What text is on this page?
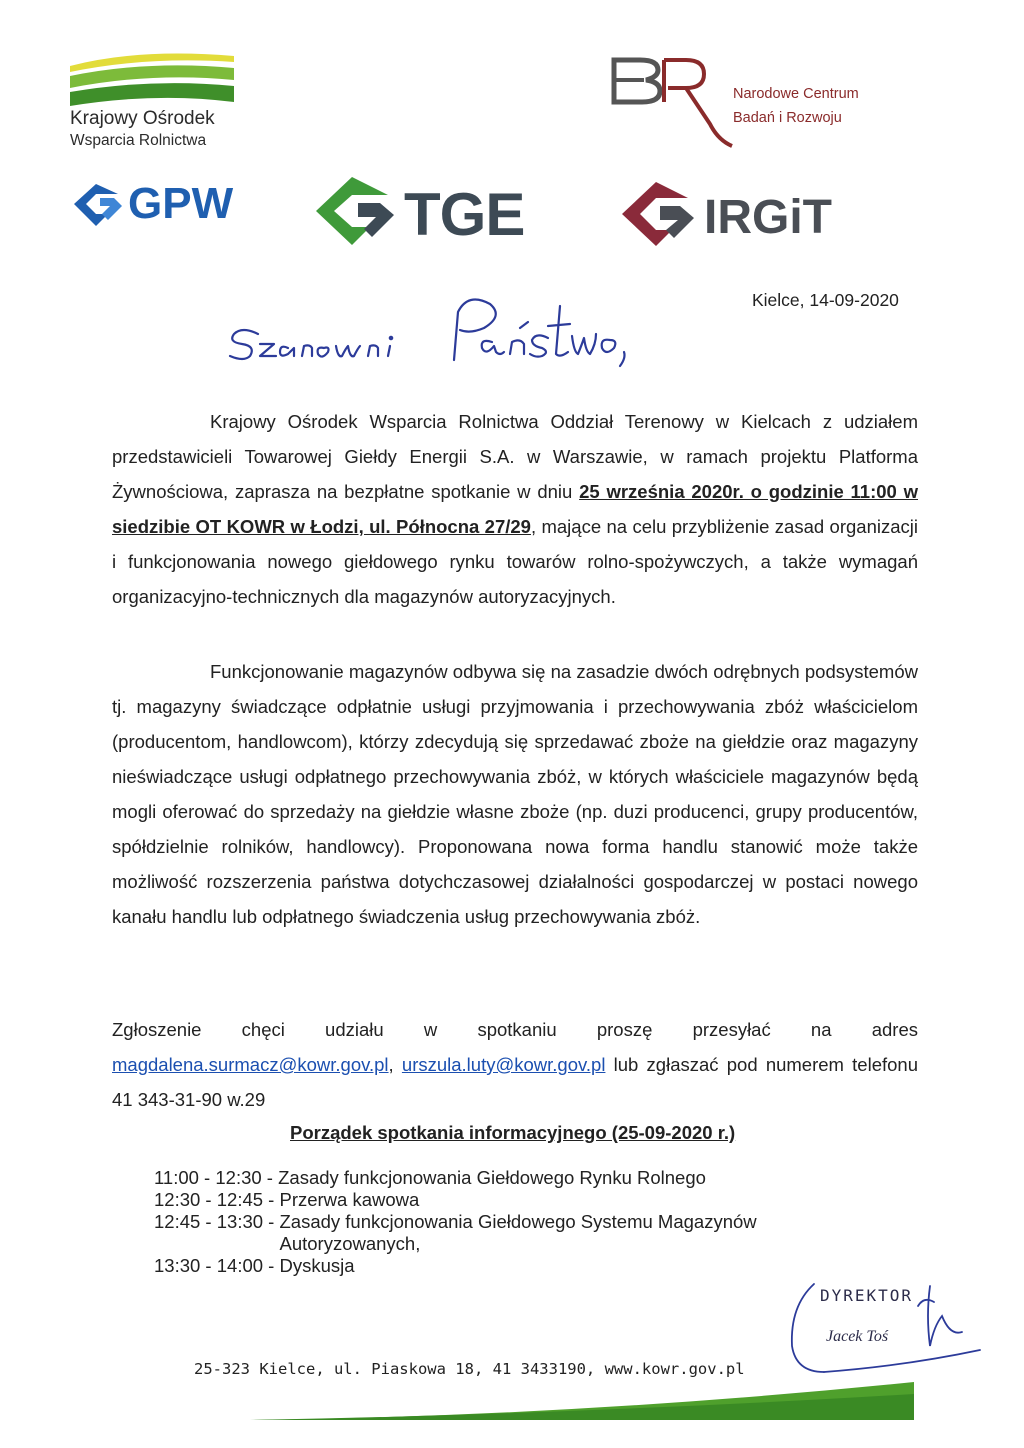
Krajowy Ośrodek
Wsparcia Rolnictwa
Narodowe Centrum
Badań i Rozwoju
GPW	TGE	IRGiT
Kielce, 14-09-2020
Krajowy Ośrodek Wsparcia Rolnictwa Oddział Terenowy w Kielcach z udziałem przedstawicieli Towarowej Giełdy Energii S.A. w Warszawie, w ramach projektu Platforma Żywnościowa, zaprasza na bezpłatne spotkanie w dniu 25 września 2020r. o godzinie 11:00 w siedzibie OT KOWR w Łodzi, ul. Północna 27/29, mające na celu przybliżenie zasad organizacji i funkcjonowania nowego giełdowego rynku towarów rolno-spożywczych, a także wymagań organizacyjno-technicznych dla magazynów autoryzacyjnych.
Funkcjonowanie magazynów odbywa się na zasadzie dwóch odrębnych podsystemów tj. magazyny świadczące odpłatnie usługi przyjmowania i przechowywania zbóż właścicielom (producentom, handlowcom), którzy zdecydują się sprzedawać zboże na giełdzie oraz magazyny nieświadczące usługi odpłatnego przechowywania zbóż, w których właściciele magazynów będą mogli oferować do sprzedaży na giełdzie własne zboże (np. duzi producenci, grupy producentów, spółdzielnie rolników, handlowcy). Proponowana nowa forma handlu stanowić może także możliwość rozszerzenia państwa dotychczasowej działalności gospodarczej w postaci nowego kanału handlu lub odpłatnego świadczenia usług przechowywania zbóż.
Zgłoszenie chęci udziału w spotkaniu proszę przesyłać na adres magdalena.surmacz@kowr.gov.pl, urszula.luty@kowr.gov.pl lub zgłaszać pod numerem telefonu 41 343-31-90 w.29
Porządek spotkania informacyjnego (25-09-2020 r.)
11:00 - 12:30 - Zasady funkcjonowania Giełdowego Rynku Rolnego
12:30 - 12:45 - Przerwa kawowa
12:45 - 13:30 - Zasady funkcjonowania Giełdowego Systemu Magazynów Autoryzowanych,
13:30 - 14:00 - Dyskusja
DYREKTOR
Jacek Toś
25-323 Kielce, ul. Piaskowa 18, 41 3433190, www.kowr.gov.pl
